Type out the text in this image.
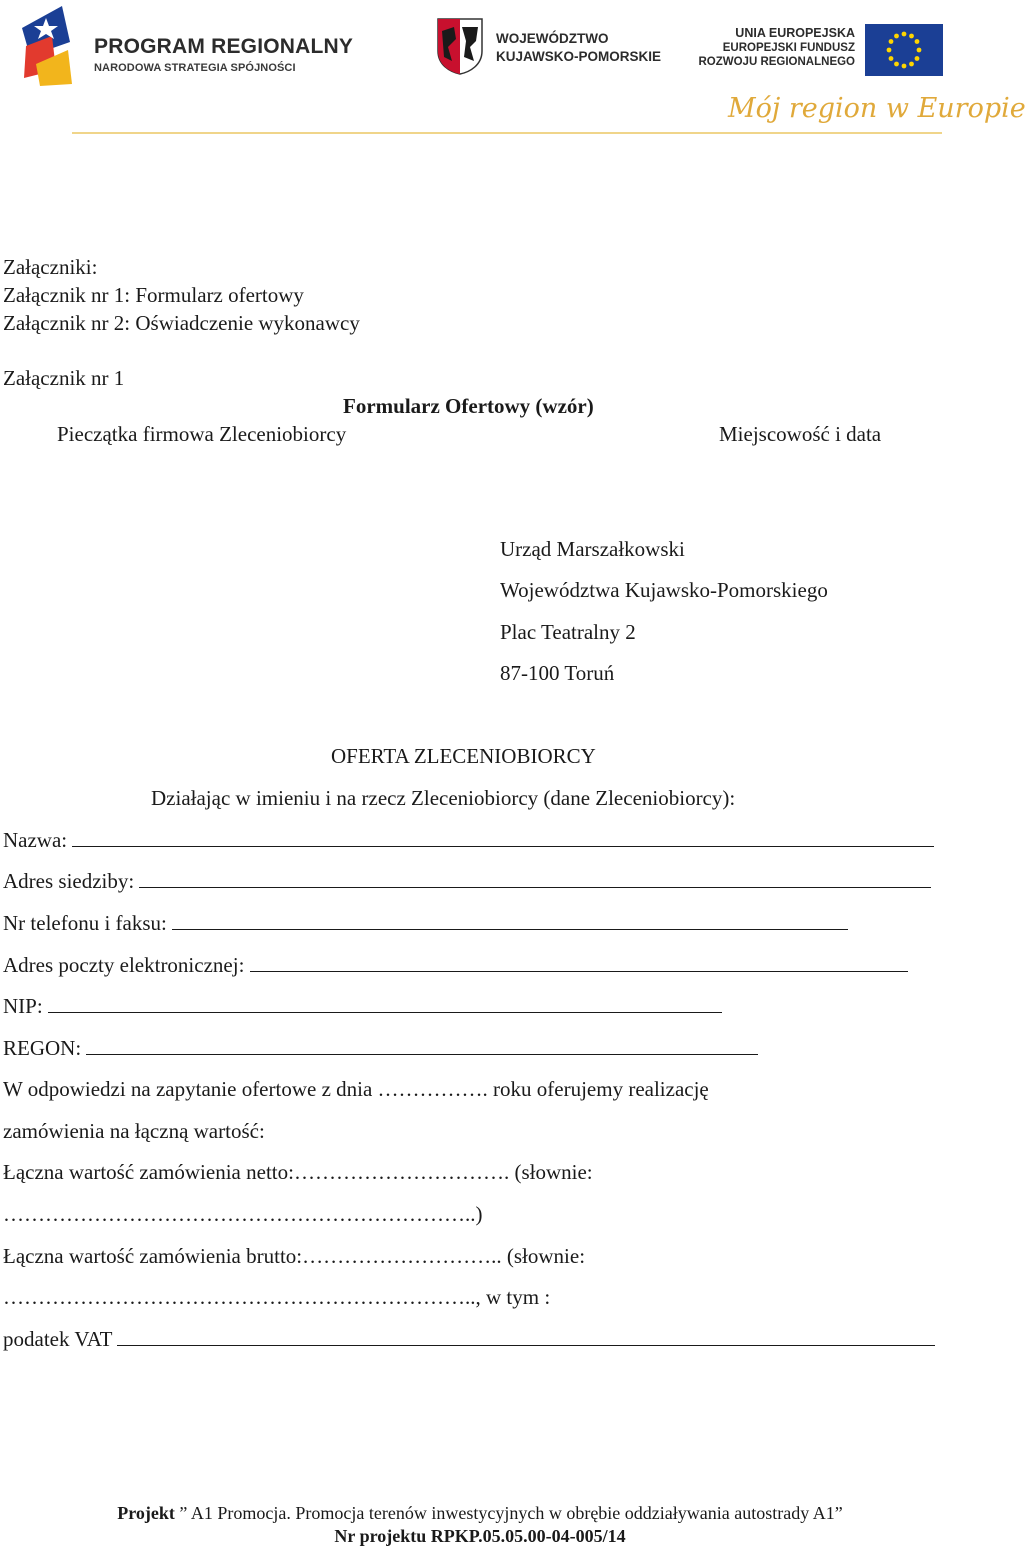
PROGRAM REGIONALNY
NARODOWA STRATEGIA SPÓJNOŚCI
WOJEWÓDZTWO
KUJAWSKO-POMORSKIE
UNIA EUROPEJSKA
EUROPEJSKI FUNDUSZ
ROZWOJU REGIONALNEGO
Mój region w Europie
Załączniki:
Załącznik nr 1: Formularz ofertowy
Załącznik nr 2: Oświadczenie wykonawcy
Załącznik nr 1
Formularz Ofertowy (wzór)
Pieczątka firmowa Zleceniobiorcy	Miejscowość i data
Urząd Marszałkowski
Województwa Kujawsko-Pomorskiego
Plac Teatralny 2
87-100 Toruń
OFERTA ZLECENIOBIORCY
Działając w imieniu i na rzecz Zleceniobiorcy (dane Zleceniobiorcy):
Nazwa:
Adres siedziby:
Nr telefonu i faksu:
Adres poczty elektronicznej:
NIP:
REGON:
W odpowiedzi na zapytanie ofertowe z dnia ……………. roku oferujemy realizację
zamówienia na łączną wartość:
Łączna wartość zamówienia netto:…………………………. (słownie:
…………………………………………………………..)
Łączna wartość zamówienia brutto:……………………….. (słownie:
………………………………………………………….., w tym :
podatek VAT
Projekt ” A1 Promocja. Promocja terenów inwestycyjnych w obrębie oddziaływania autostrady A1”
Nr projektu RPKP.05.05.00-04-005/14
